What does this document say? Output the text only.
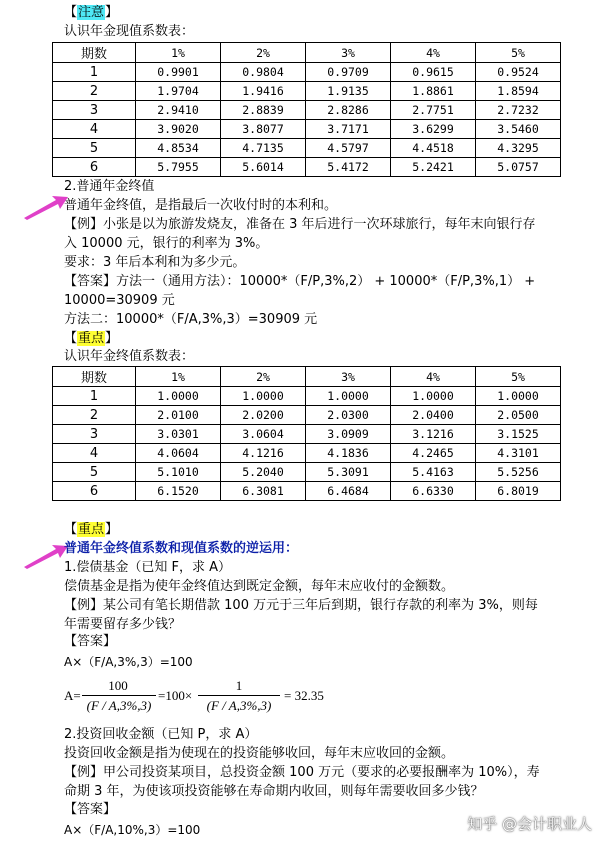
【注意】
认识年金现值系数表：
期数	1%	2%	3%	4%	5%
1	0.9901	0.9804	0.9709	0.9615	0.9524
2	1.9704	1.9416	1.9135	1.8861	1.8594
3	2.9410	2.8839	2.8286	2.7751	2.7232
4	3.9020	3.8077	3.7171	3.6299	3.5460
5	4.8534	4.7135	4.5797	4.4518	4.3295
6	5.7955	5.6014	5.4172	5.2421	5.0757
2.普通年金终值
普通年金终值，是指最后一次收付时的本利和。
【例】小张是以为旅游发烧友，准备在 3 年后进行一次环球旅行，每年末向银行存
入 10000 元，银行的利率为 3%。
要求：3 年后本利和为多少元。
【答案】方法一（通用方法）：10000*（F/P,3%,2） + 10000*（F/P,3%,1） +
10000=30909 元
方法二：10000*（F/A,3%,3）=30909 元
【重点】
认识年金终值系数表：
期数	1%	2%	3%	4%	5%
1	1.0000	1.0000	1.0000	1.0000	1.0000
2	2.0100	2.0200	2.0300	2.0400	2.0500
3	3.0301	3.0604	3.0909	3.1216	3.1525
4	4.0604	4.1216	4.1836	4.2465	4.3101
5	5.1010	5.2040	5.3091	5.4163	5.5256
6	6.1520	6.3081	6.4684	6.6330	6.8019
【重点】
普通年金终值系数和现值系数的逆运用：
1.偿债基金（已知 F，求 A）
偿债基金是指为使年金终值达到既定金额，每年末应收付的金额数。
【例】某公司有笔长期借款 100 万元于三年后到期，银行存款的利率为 3%，则每
年需要留存多少钱？
【答案】
A×（F/A,3%,3）=100
A=
100
(F / A,3%,3)
=100×
1
(F / A,3%,3)
= 32.35
2.投资回收金额（已知 P，求 A）
投资回收金额是指为使现在的投资能够收回，每年末应收回的金额。
【例】甲公司投资某项目，总投资金额 100 万元（要求的必要报酬率为 10%），寿
命期 3 年，为使该项投资能够在寿命期内收回，则每年需要收回多少钱？
【答案】
A×（F/A,10%,3）=100	知乎 @会计职业人
